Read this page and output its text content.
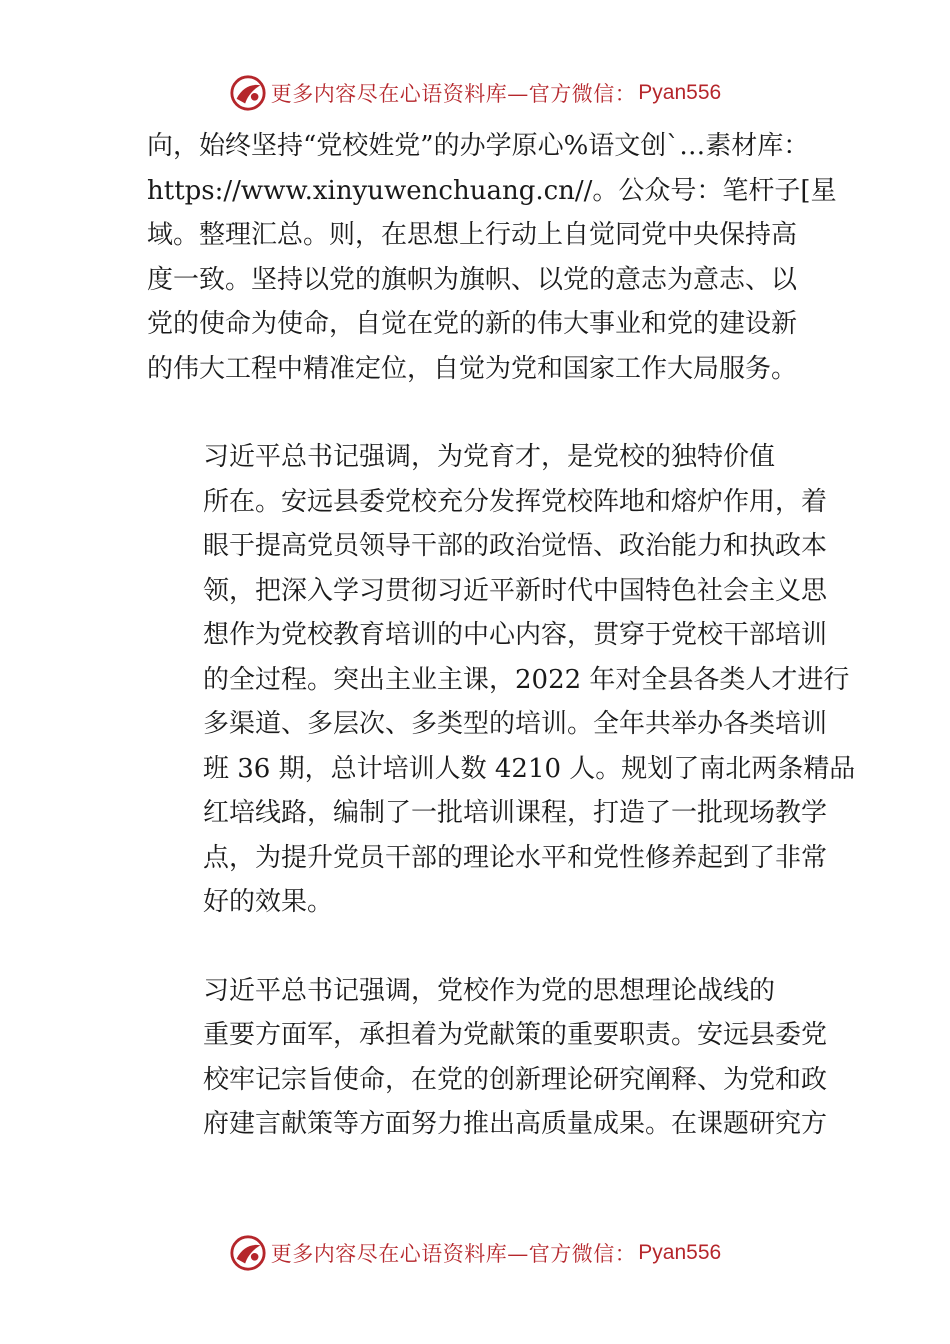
更多内容尽在心语资料库—官方微信： Pyan556

向，始终坚持“党校姓党”的办学原心%语文创`…素材库：
https://www.xinyuwenchuang.cn//。公众号：笔杆子[星
域。整理汇总。则，在思想上行动上自觉同党中央保持高
度一致。坚持以党的旗帜为旗帜、以党的意志为意志、以
党的使命为使命，自觉在党的新的伟大事业和党的建设新
的伟大工程中精准定位，自觉为党和国家工作大局服务。

习近平总书记强调，为党育才，是党校的独特价值
所在。安远县委党校充分发挥党校阵地和熔炉作用，着
眼于提高党员领导干部的政治觉悟、政治能力和执政本
领，把深入学习贯彻习近平新时代中国特色社会主义思
想作为党校教育培训的中心内容，贯穿于党校干部培训
的全过程。突出主业主课，2022 年对全县各类人才进行
多渠道、多层次、多类型的培训。全年共举办各类培训
班 36 期，总计培训人数 4210 人。规划了南北两条精品
红培线路，编制了一批培训课程，打造了一批现场教学
点，为提升党员干部的理论水平和党性修养起到了非常
好的效果。

习近平总书记强调，党校作为党的思想理论战线的
重要方面军，承担着为党献策的重要职责。安远县委党
校牢记宗旨使命，在党的创新理论研究阐释、为党和政
府建言献策等方面努力推出高质量成果。在课题研究方

更多内容尽在心语资料库—官方微信： Pyan556
